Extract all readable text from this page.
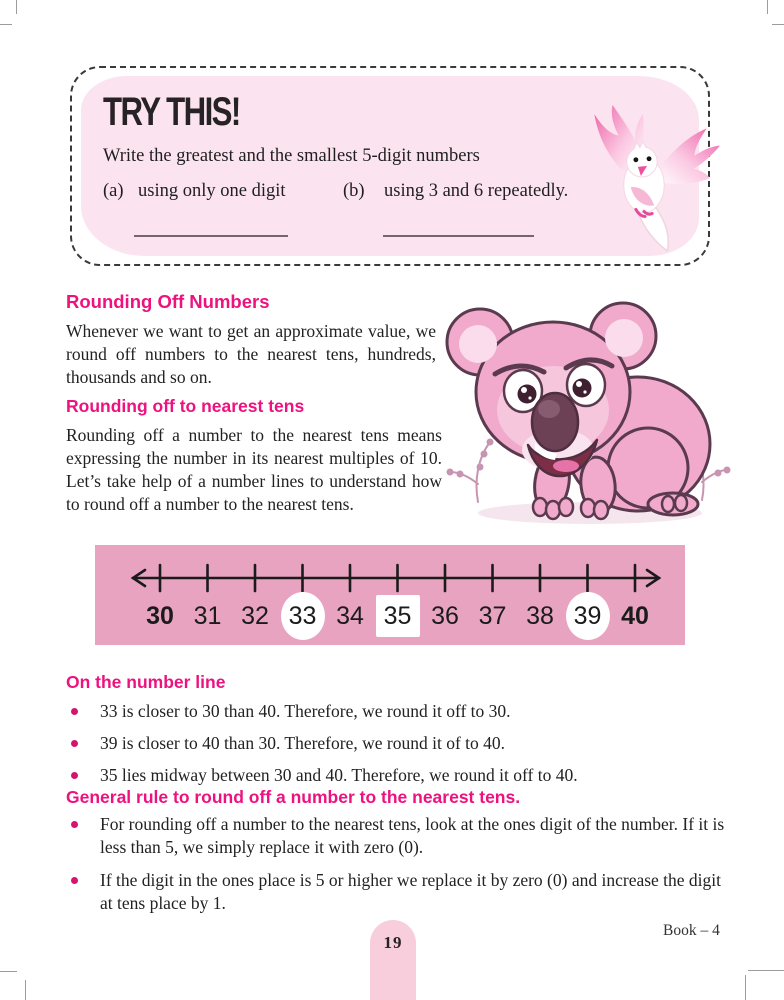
TRY THIS!
Write the greatest and the smallest 5-digit numbers
(a) using only one digit	(b) using 3 and 6 repeatedly.
Rounding Off Numbers
Whenever we want to get an approximate value, we round off numbers to the nearest tens, hundreds, thousands and so on.
Rounding off to nearest tens
Rounding off a number to the nearest tens means expressing the number in its nearest multiples of 10. Let’s take help of a number lines to understand how to round off a number to the nearest tens.
30 31 32 33 34 35 36 37 38 39 40
On the number line
33 is closer to 30 than 40. Therefore, we round it off to 30.
39 is closer to 40 than 30. Therefore, we round it of to 40.
35 lies midway between 30 and 40. Therefore, we round it off to 40.
General rule to round off a number to the nearest tens.
For rounding off a number to the nearest tens, look at the ones digit of the number. If it is less than 5, we simply replace it with zero (0).
If the digit in the ones place is 5 or higher we replace it by zero (0) and increase the digit at tens place by 1.
19
Book – 4
